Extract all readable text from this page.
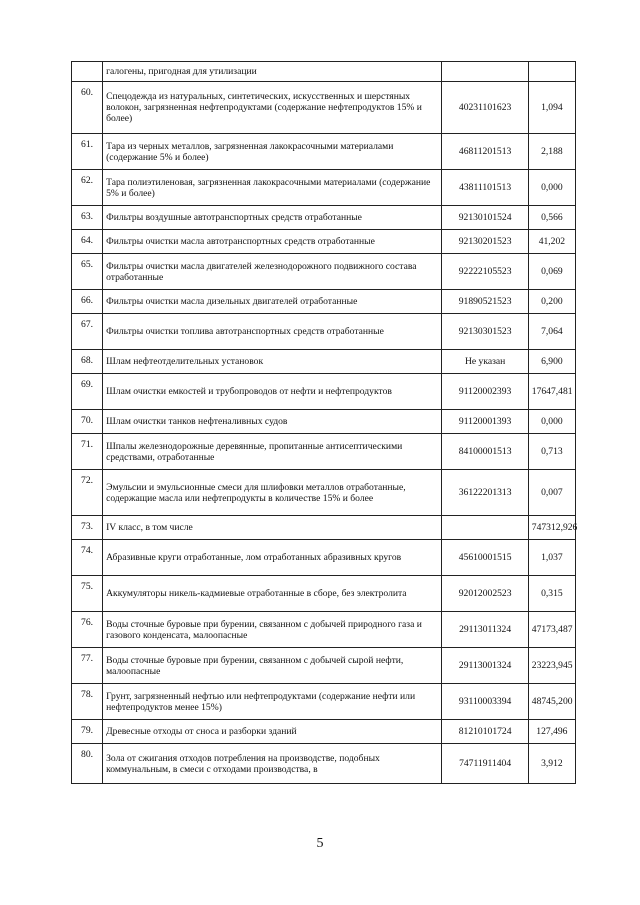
	галогены, пригодная для утилизации		
60.	Спецодежда из натуральных, синтетических, искусственных и шерстяных волокон, загрязненная нефтепродуктами (содержание нефтепродуктов 15% и более)	40231101623	1,094
61.	Тара из черных металлов, загрязненная лакокрасочными материалами (содержание 5% и более)	46811201513	2,188
62.	Тара полиэтиленовая, загрязненная лакокрасочными материалами (содержание 5% и более)	43811101513	0,000
63.	Фильтры воздушные автотранспортных средств отработанные	92130101524	0,566
64.	Фильтры очистки масла автотранспортных средств отработанные	92130201523	41,202
65.	Фильтры очистки масла двигателей железнодорожного подвижного состава отработанные	92222105523	0,069
66.	Фильтры очистки масла дизельных двигателей отработанные	91890521523	0,200
67.	Фильтры очистки топлива автотранспортных средств отработанные	92130301523	7,064
68.	Шлам нефтеотделительных установок	Не указан	6,900
69.	Шлам очистки емкостей и трубопроводов от нефти и нефтепродуктов	91120002393	17647,481
70.	Шлам очистки танков нефтеналивных судов	91120001393	0,000
71.	Шпалы железнодорожные деревянные, пропитанные антисептическими средствами, отработанные	84100001513	0,713
72.	Эмульсии и эмульсионные смеси для шлифовки металлов отработанные, содержащие масла или нефтепродукты в количестве 15% и более	36122201313	0,007
73.	IV класс, в том числе		747312,926
74.	Абразивные круги отработанные, лом отработанных абразивных кругов	45610001515	1,037
75.	Аккумуляторы никель-кадмиевые отработанные в сборе, без электролита	92012002523	0,315
76.	Воды сточные буровые при бурении, связанном с добычей природного газа и газового конденсата, малоопасные	29113011324	47173,487
77.	Воды сточные буровые при бурении, связанном с добычей сырой нефти, малоопасные	29113001324	23223,945
78.	Грунт, загрязненный нефтью или нефтепродуктами (содержание нефти или нефтепродуктов менее 15%)	93110003394	48745,200
79.	Древесные отходы от сноса и разборки зданий	81210101724	127,496
80.	Зола от сжигания отходов потребления на производстве, подобных коммунальным, в смеси с отходами производства, в	74711911404	3,912
5
